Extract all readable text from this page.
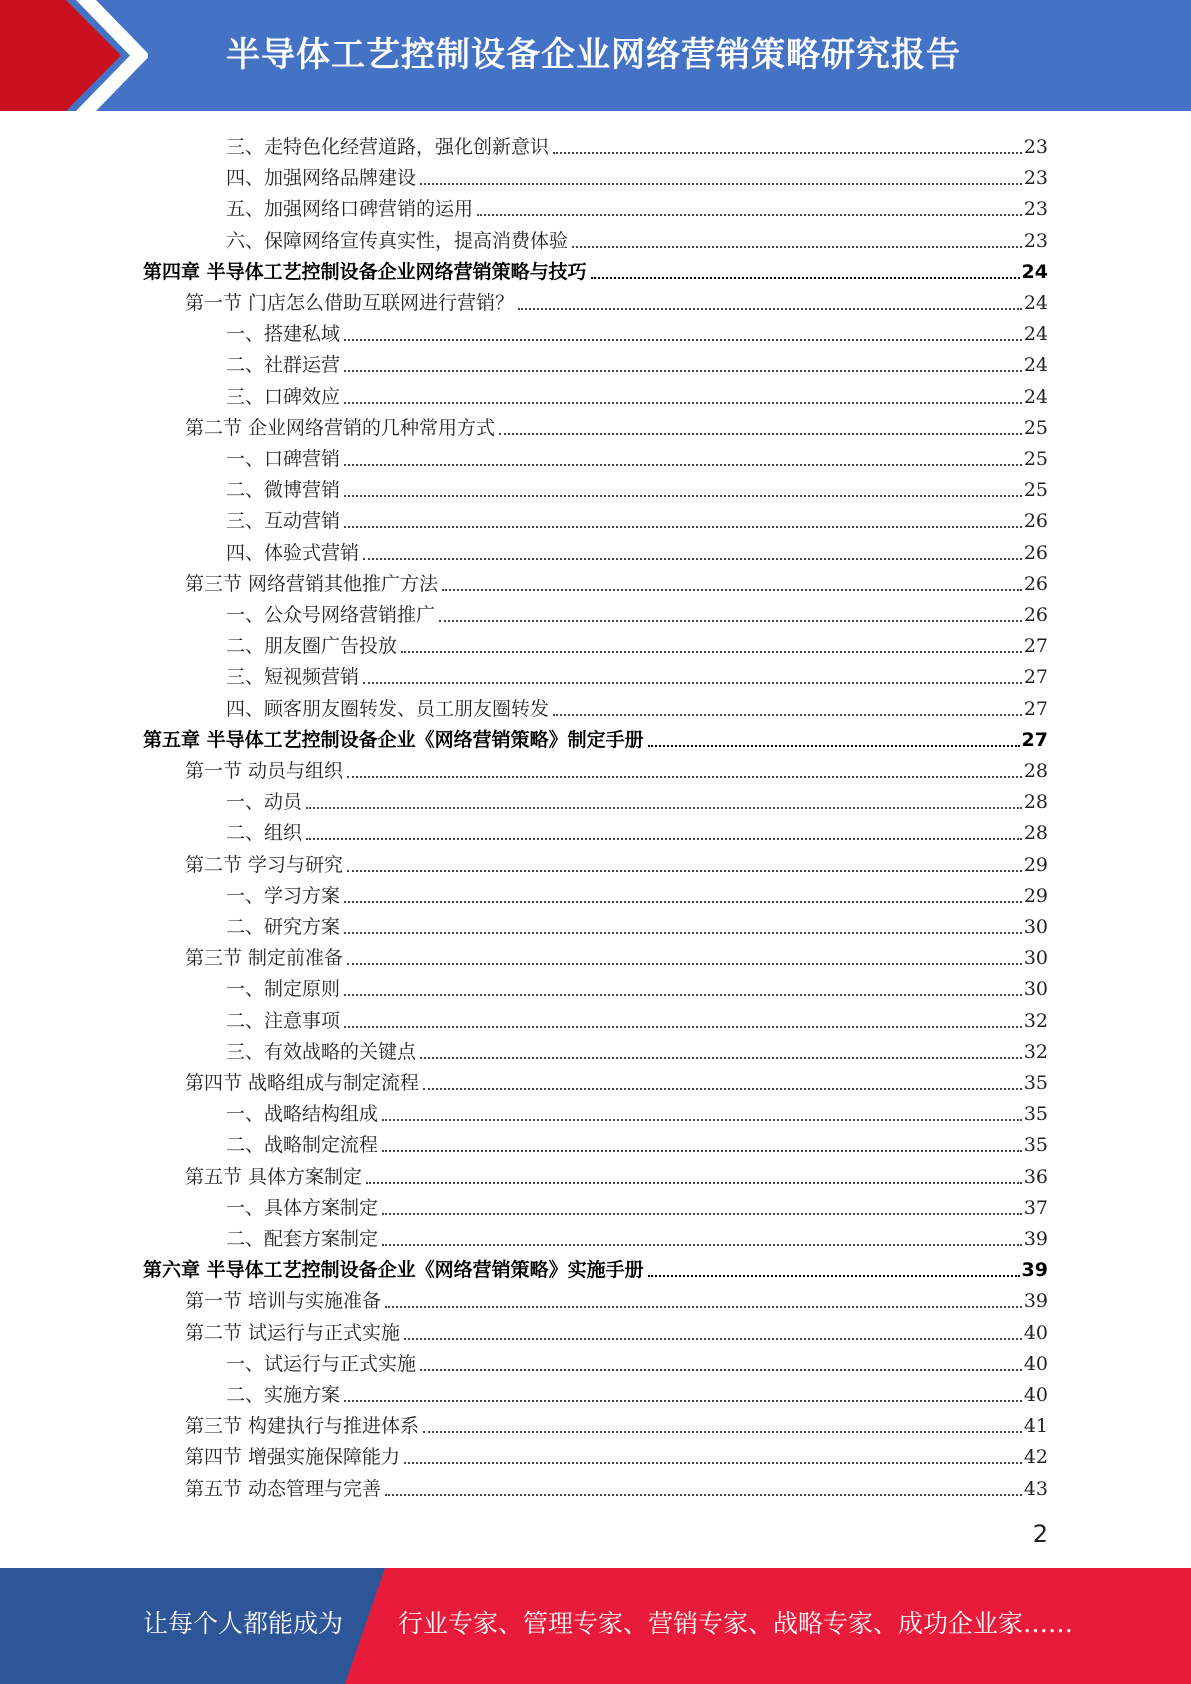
半导体工艺控制设备企业网络营销策略研究报告
三、走特色化经营道路，强化创新意识	23
四、加强网络品牌建设	23
五、加强网络口碑营销的运用	23
六、保障网络宣传真实性，提高消费体验	23
第四章 半导体工艺控制设备企业网络营销策略与技巧	24
第一节 门店怎么借助互联网进行营销？	24
一、搭建私域	24
二、社群运营	24
三、口碑效应	24
第二节 企业网络营销的几种常用方式	25
一、口碑营销	25
二、微博营销	25
三、互动营销	26
四、体验式营销	26
第三节 网络营销其他推广方法	26
一、公众号网络营销推广	26
二、朋友圈广告投放	27
三、短视频营销	27
四、顾客朋友圈转发、员工朋友圈转发	27
第五章 半导体工艺控制设备企业《网络营销策略》制定手册	27
第一节 动员与组织	28
一、动员	28
二、组织	28
第二节 学习与研究	29
一、学习方案	29
二、研究方案	30
第三节 制定前准备	30
一、制定原则	30
二、注意事项	32
三、有效战略的关键点	32
第四节 战略组成与制定流程	35
一、战略结构组成	35
二、战略制定流程	35
第五节 具体方案制定	36
一、具体方案制定	37
二、配套方案制定	39
第六章 半导体工艺控制设备企业《网络营销策略》实施手册	39
第一节 培训与实施准备	39
第二节 试运行与正式实施	40
一、试运行与正式实施	40
二、实施方案	40
第三节 构建执行与推进体系	41
第四节 增强实施保障能力	42
第五节 动态管理与完善	43
2
让每个人都能成为 行业专家、管理专家、营销专家、战略专家、成功企业家……
